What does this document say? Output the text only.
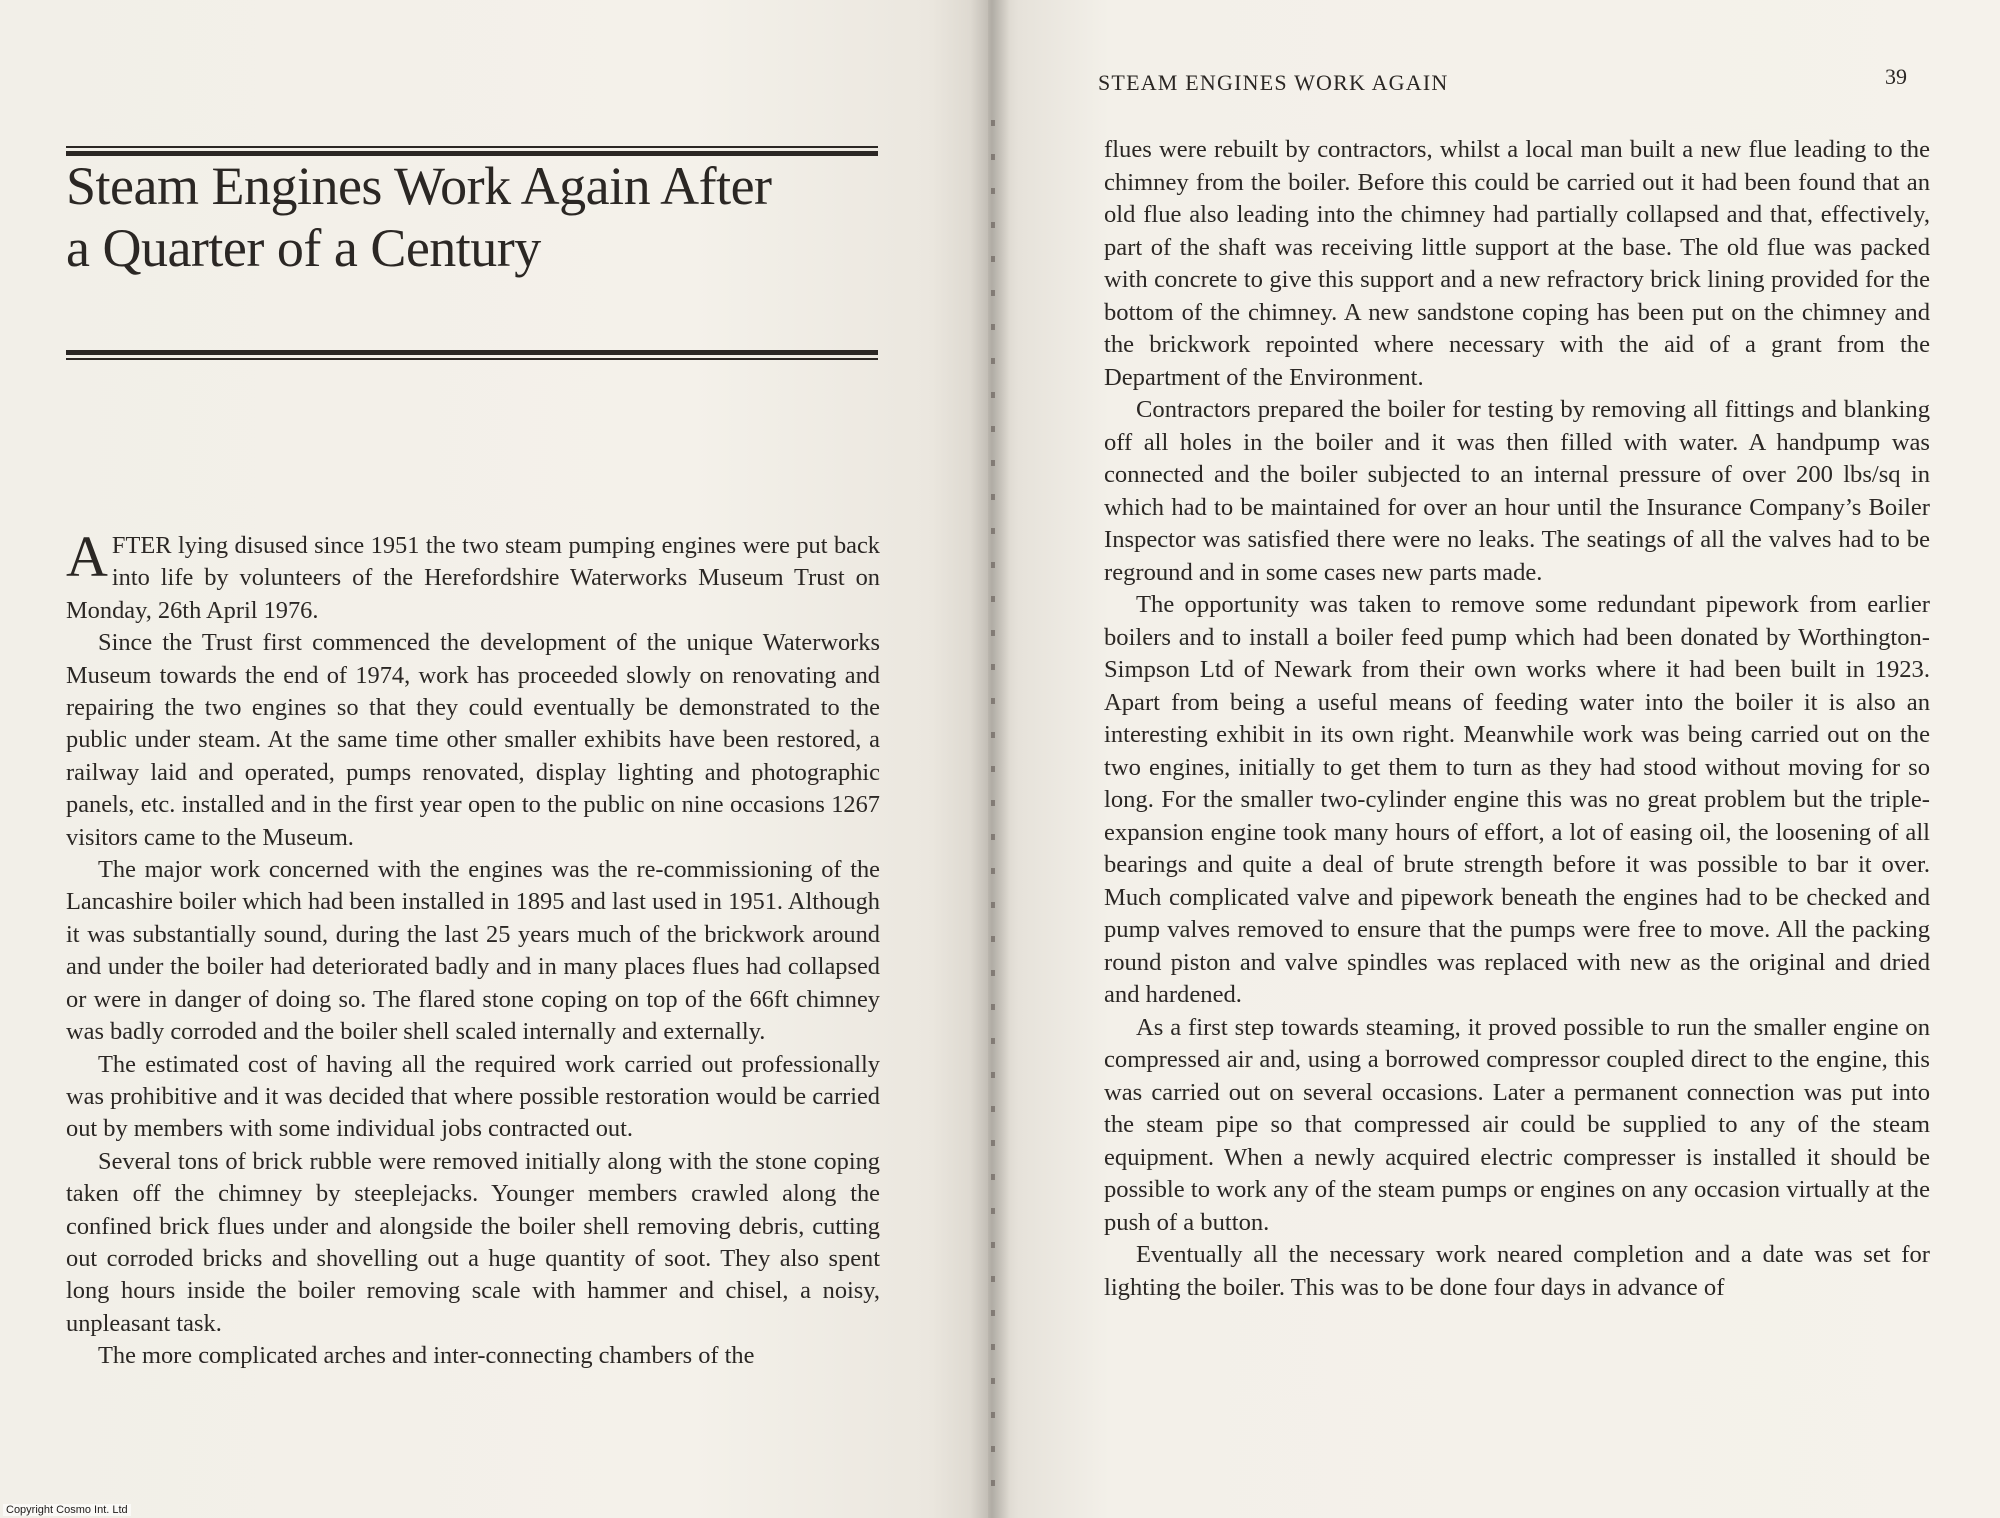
Steam Engines Work Again After
a Quarter of a Century

AFTER lying disused since 1951 the two steam pumping engines were put back into life by volunteers of the Herefordshire Waterworks Museum Trust on Monday, 26th April 1976.

Since the Trust first commenced the development of the unique Waterworks Museum towards the end of 1974, work has proceeded slowly on renovating and repairing the two engines so that they could eventually be demonstrated to the public under steam. At the same time other smaller exhibits have been restored, a railway laid and operated, pumps renovated, display lighting and photographic panels, etc. installed and in the first year open to the public on nine occasions 1267 visitors came to the Museum.

The major work concerned with the engines was the re-commissioning of the Lancashire boiler which had been installed in 1895 and last used in 1951. Although it was substantially sound, during the last 25 years much of the brickwork around and under the boiler had deteriorated badly and in many places flues had collapsed or were in danger of doing so. The flared stone coping on top of the 66ft chimney was badly corroded and the boiler shell scaled internally and externally.

The estimated cost of having all the required work carried out professionally was prohibitive and it was decided that where possible restoration would be carried out by members with some individual jobs contracted out.

Several tons of brick rubble were removed initially along with the stone coping taken off the chimney by steeplejacks. Younger members crawled along the confined brick flues under and alongside the boiler shell removing debris, cutting out corroded bricks and shovelling out a huge quantity of soot. They also spent long hours inside the boiler removing scale with hammer and chisel, a noisy, unpleasant task.

The more complicated arches and inter-connecting chambers of the

Copyright Cosmo Int. Ltd
STEAM ENGINES WORK AGAIN	39

flues were rebuilt by contractors, whilst a local man built a new flue leading to the chimney from the boiler. Before this could be carried out it had been found that an old flue also leading into the chimney had partially collapsed and that, effectively, part of the shaft was receiving little support at the base. The old flue was packed with concrete to give this support and a new refractory brick lining provided for the bottom of the chimney. A new sandstone coping has been put on the chimney and the brickwork repointed where necessary with the aid of a grant from the Department of the Environment.

Contractors prepared the boiler for testing by removing all fittings and blanking off all holes in the boiler and it was then filled with water. A handpump was connected and the boiler subjected to an internal pressure of over 200 lbs/sq in which had to be maintained for over an hour until the Insurance Company’s Boiler Inspector was satisfied there were no leaks. The seatings of all the valves had to be reground and in some cases new parts made.

The opportunity was taken to remove some redundant pipework from earlier boilers and to install a boiler feed pump which had been donated by Worthington-Simpson Ltd of Newark from their own works where it had been built in 1923. Apart from being a useful means of feeding water into the boiler it is also an interesting exhibit in its own right. Meanwhile work was being carried out on the two engines, initially to get them to turn as they had stood without moving for so long. For the smaller two-cylinder engine this was no great problem but the triple-expansion engine took many hours of effort, a lot of easing oil, the loosening of all bearings and quite a deal of brute strength before it was possible to bar it over. Much complicated valve and pipework beneath the engines had to be checked and pump valves removed to ensure that the pumps were free to move. All the packing round piston and valve spindles was replaced with new as the original and dried and hardened.

As a first step towards steaming, it proved possible to run the smaller engine on compressed air and, using a borrowed compressor coupled direct to the engine, this was carried out on several occasions. Later a permanent connection was put into the steam pipe so that compressed air could be supplied to any of the steam equipment. When a newly acquired electric compresser is installed it should be possible to work any of the steam pumps or engines on any occasion virtually at the push of a button.

Eventually all the necessary work neared completion and a date was set for lighting the boiler. This was to be done four days in advance of
